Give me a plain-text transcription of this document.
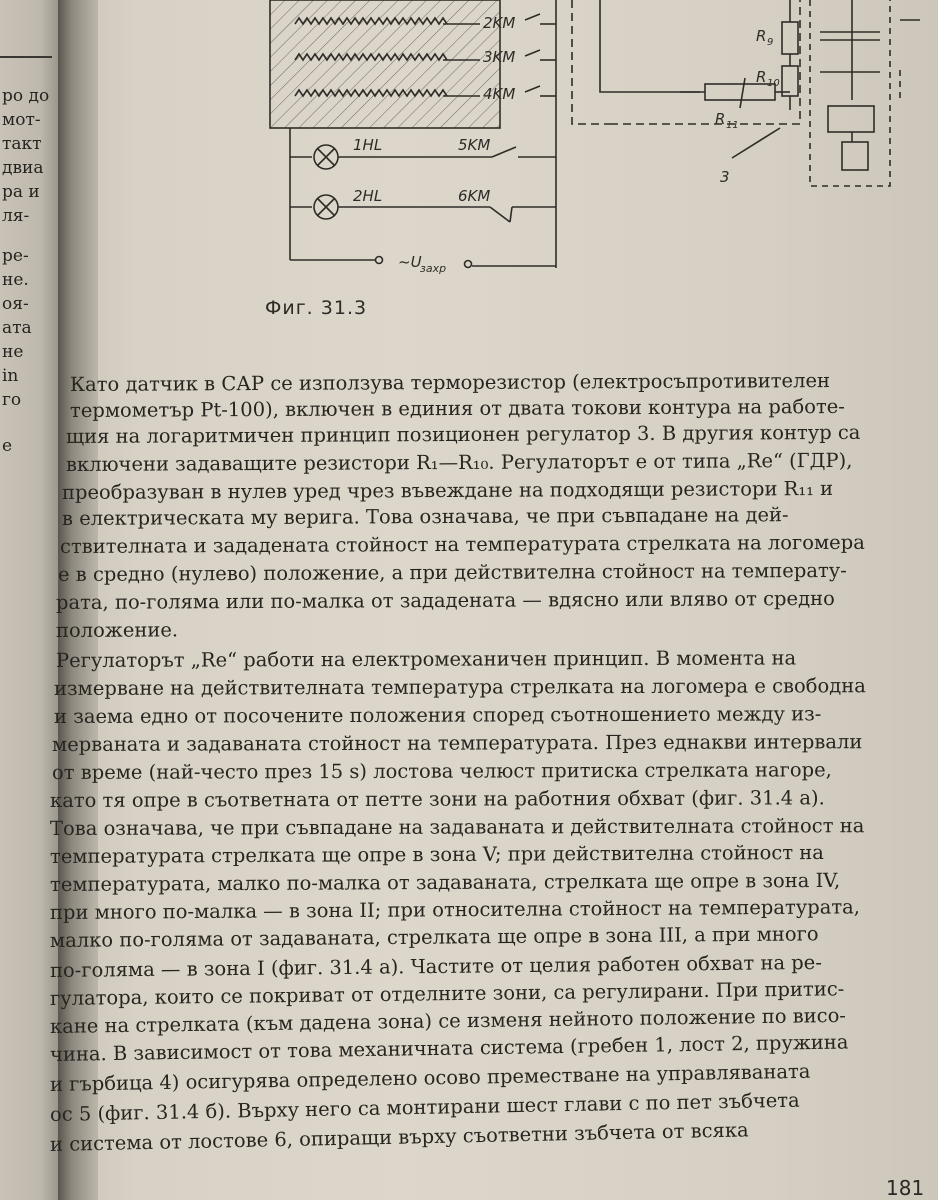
ро до
мот-
такт
двиа
ра и
ля-
ре-
не.
оя-
ата
не
in
го
е
2KM
3KM
4KM
1HL
2HL
5KM
6KM
~U
захр
R 9
R 10
R 11
3
Фиг. 31.3
Като датчик в САР се използува терморезистор (електросъпротивителен
термометър Pt-100), включен в единия от двата токови контура на работе-
щия на логаритмичен принцип позиционен регулатор 3. В другия контур са
включени задаващите резистори R₁—R₁₀. Регулаторът е от типа „Re“ (ГДР),
преобразуван в нулев уред чрез въвеждане на подходящи резистори R₁₁ и
в електрическата му верига. Това означава, че при съвпадане на дей-
ствителната и зададената стойност на температурата стрелката на логомера
е в средно (нулево) положение, а при действителна стойност на температу-
рата, по-голяма или по-малка от зададената — вдясно или вляво от средно
положение.
Регулаторът „Re“ работи на електромеханичен принцип. В момента на
измерване на действителната температура стрелката на логомера е свободна
и заема едно от посочените положения според съотношението между из-
мерваната и задаваната стойност на температурата. През еднакви интервали
от време (най-често през 15 s) лостова челюст притиска стрелката нагоре,
като тя опре в съответната от петте зони на работния обхват (фиг. 31.4 a).
Това означава, че при съвпадане на задаваната и действителната стойност на
температурата стрелката ще опре в зона V; при действителна стойност на
температурата, малко по-малка от задаваната, стрелката ще опре в зона IV,
при много по-малка — в зона II; при относителна стойност на температурата,
малко по-голяма от задаваната, стрелката ще опре в зона III, а при много
по-голяма — в зона I (фиг. 31.4 a). Частите от целия работен обхват на ре-
гулатора, които се покриват от отделните зони, са регулирани. При притис-
кане на стрелката (към дадена зона) се изменя нейното положение по висо-
чина. В зависимост от това механичната система (гребен 1, лост 2, пружина
и гърбица 4) осигурява определено осово преместване на управляваната
ос 5 (фиг. 31.4 б). Върху него са монтирани шест глави с по пет зъбчета
и система от лостове 6, опиращи върху съответни зъбчета от всяка
181
